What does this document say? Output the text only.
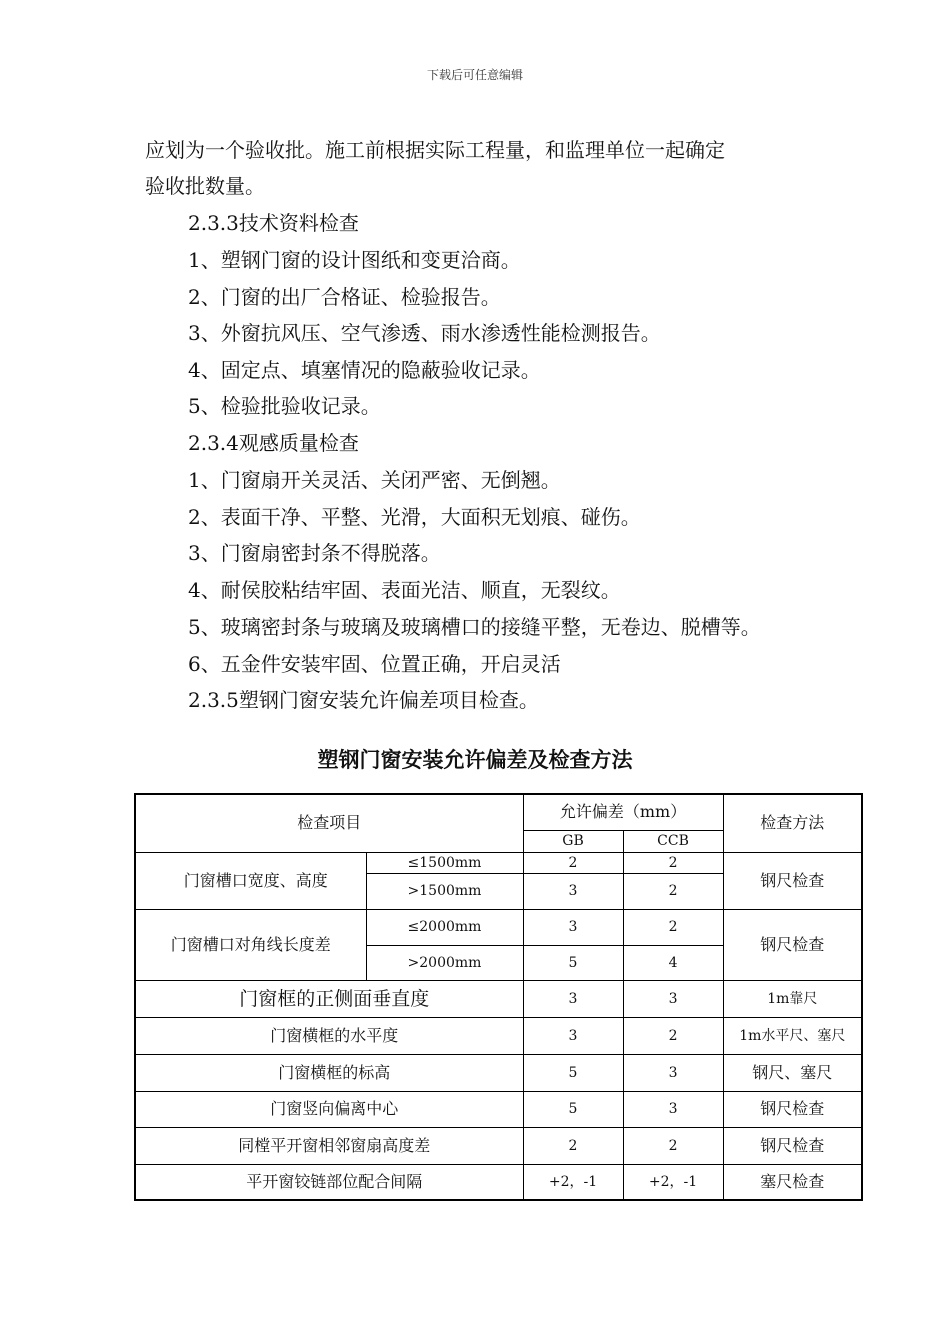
下载后可任意编辑
应划为一个验收批。施工前根据实际工程量，和监理单位一起确定
验收批数量。
2.3.3技术资料检查
1、塑钢门窗的设计图纸和变更洽商。
2、门窗的出厂合格证、检验报告。
3、外窗抗风压、空气渗透、雨水渗透性能检测报告。
4、固定点、填塞情况的隐蔽验收记录。
5、检验批验收记录。
2.3.4观感质量检查
1、门窗扇开关灵活、关闭严密、无倒翘。
2、表面干净、平整、光滑，大面积无划痕、碰伤。
3、门窗扇密封条不得脱落。
4、耐侯胶粘结牢固、表面光洁、顺直，无裂纹。
5、玻璃密封条与玻璃及玻璃槽口的接缝平整，无卷边、脱槽等。
6、五金件安装牢固、位置正确，开启灵活
2.3.5塑钢门窗安装允许偏差项目检查。
塑钢门窗安装允许偏差及检查方法
检查项目		允许偏差（mm）		检查方法
		GB	CCB	
门窗槽口宽度、高度	≤1500mm	2	2	钢尺检查
	>1500mm	3	2	
门窗槽口对角线长度差	≤2000mm	3	2	钢尺检查
	>2000mm	5	4	
门窗框的正侧面垂直度		3	3	1m靠尺
门窗横框的水平度		3	2	1m水平尺、塞尺
门窗横框的标高		5	3	钢尺、塞尺
门窗竖向偏离中心		5	3	钢尺检查
同樘平开窗相邻窗扇高度差		2	2	钢尺检查
平开窗铰链部位配合间隔		+2，-1	+2，-1	塞尺检查
